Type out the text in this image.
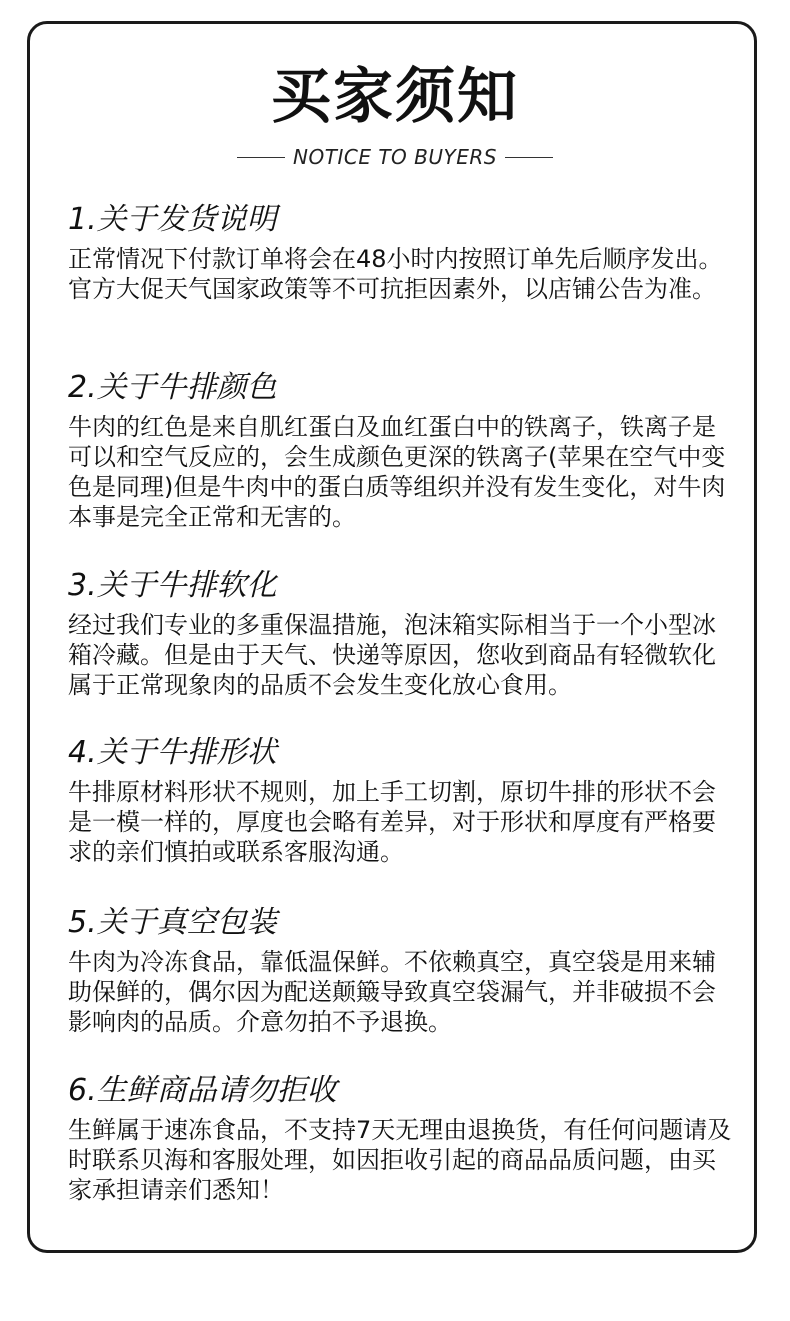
买家须知
NOTICE TO BUYERS
1.关于发货说明
正常情况下付款订单将会在48小时内按照订单先后顺序发出。官方大促天气国家政策等不可抗拒因素外，以店铺公告为准。
2.关于牛排颜色
牛肉的红色是来自肌红蛋白及血红蛋白中的铁离子，铁离子是可以和空气反应的，会生成颜色更深的铁离子(苹果在空气中变色是同理)但是牛肉中的蛋白质等组织并没有发生变化，对牛肉本事是完全正常和无害的。
3.关于牛排软化
经过我们专业的多重保温措施，泡沫箱实际相当于一个小型冰箱冷藏。但是由于天气、快递等原因，您收到商品有轻微软化属于正常现象肉的品质不会发生变化放心食用。
4.关于牛排形状
牛排原材料形状不规则，加上手工切割，原切牛排的形状不会是一模一样的，厚度也会略有差异，对于形状和厚度有严格要求的亲们慎拍或联系客服沟通。
5.关于真空包装
牛肉为冷冻食品，靠低温保鲜。不依赖真空，真空袋是用来辅助保鲜的，偶尔因为配送颠簸导致真空袋漏气，并非破损不会影响肉的品质。介意勿拍不予退换。
6.生鲜商品请勿拒收
生鲜属于速冻食品，不支持7天无理由退换货，有任何问题请及时联系贝海和客服处理，如因拒收引起的商品品质问题，由买家承担请亲们悉知！
